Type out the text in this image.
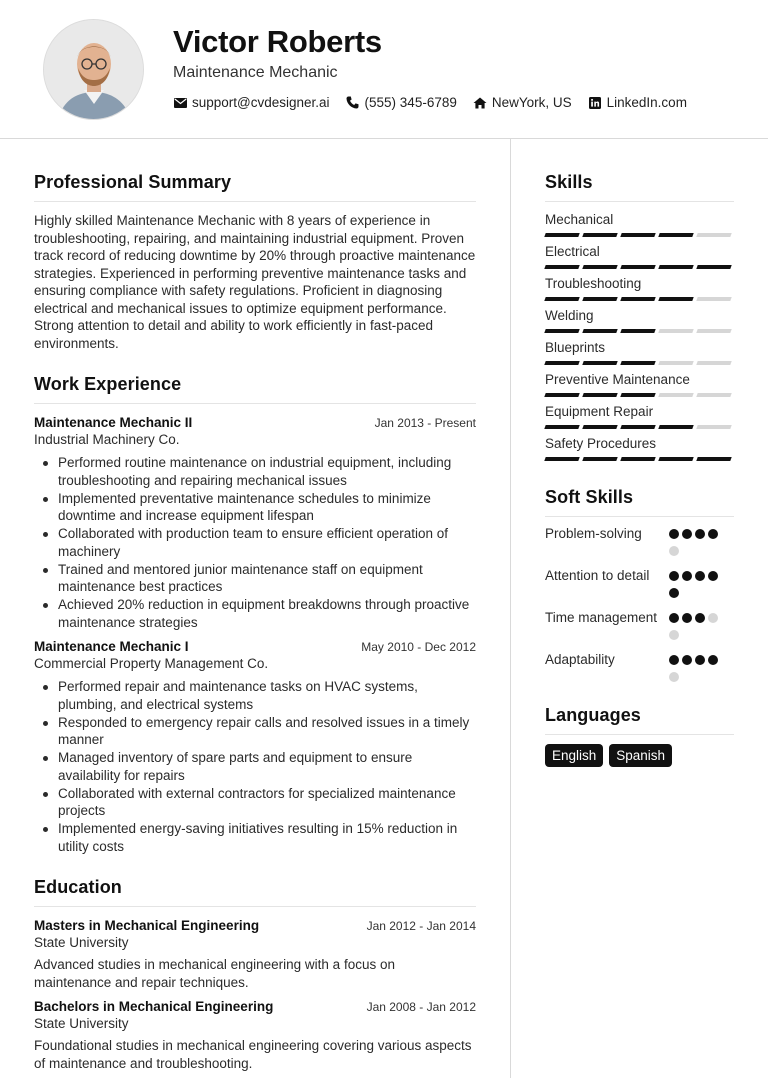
Victor Roberts
Maintenance Mechanic
support@cvdesigner.ai	(555) 345-6789	NewYork, US	LinkedIn.com
Professional Summary

Highly skilled Maintenance Mechanic with 8 years of experience in troubleshooting, repairing, and maintaining industrial equipment. Proven track record of reducing downtime by 20% through proactive maintenance strategies. Experienced in performing preventive maintenance tasks and ensuring compliance with safety regulations. Proficient in diagnosing electrical and mechanical issues to optimize equipment performance. Strong attention to detail and ability to work efficiently in fast-paced environments.

Work Experience
Maintenance Mechanic II	Jan 2013 - Present
Industrial Machinery Co.
Performed routine maintenance on industrial equipment, including troubleshooting and repairing mechanical issues
Implemented preventative maintenance schedules to minimize downtime and increase equipment lifespan
Collaborated with production team to ensure efficient operation of machinery
Trained and mentored junior maintenance staff on equipment maintenance best practices
Achieved 20% reduction in equipment breakdowns through proactive maintenance strategies
Maintenance Mechanic I	May 2010 - Dec 2012
Commercial Property Management Co.
Performed repair and maintenance tasks on HVAC systems, plumbing, and electrical systems
Responded to emergency repair calls and resolved issues in a timely manner
Managed inventory of spare parts and equipment to ensure availability for repairs
Collaborated with external contractors for specialized maintenance projects
Implemented energy-saving initiatives resulting in 15% reduction in utility costs
Education
Masters in Mechanical Engineering	Jan 2012 - Jan 2014
State University

Advanced studies in mechanical engineering with a focus on maintenance and repair techniques.

Bachelors in Mechanical Engineering	Jan 2008 - Jan 2012
State University

Foundational studies in mechanical engineering covering various aspects of maintenance and troubleshooting.

Skills
Mechanical
Electrical
Troubleshooting
Welding
Blueprints
Preventive Maintenance
Equipment Repair
Safety Procedures
Soft Skills
Problem-solving
Attention to detail
Time management
Adaptability
Languages
English	Spanish
